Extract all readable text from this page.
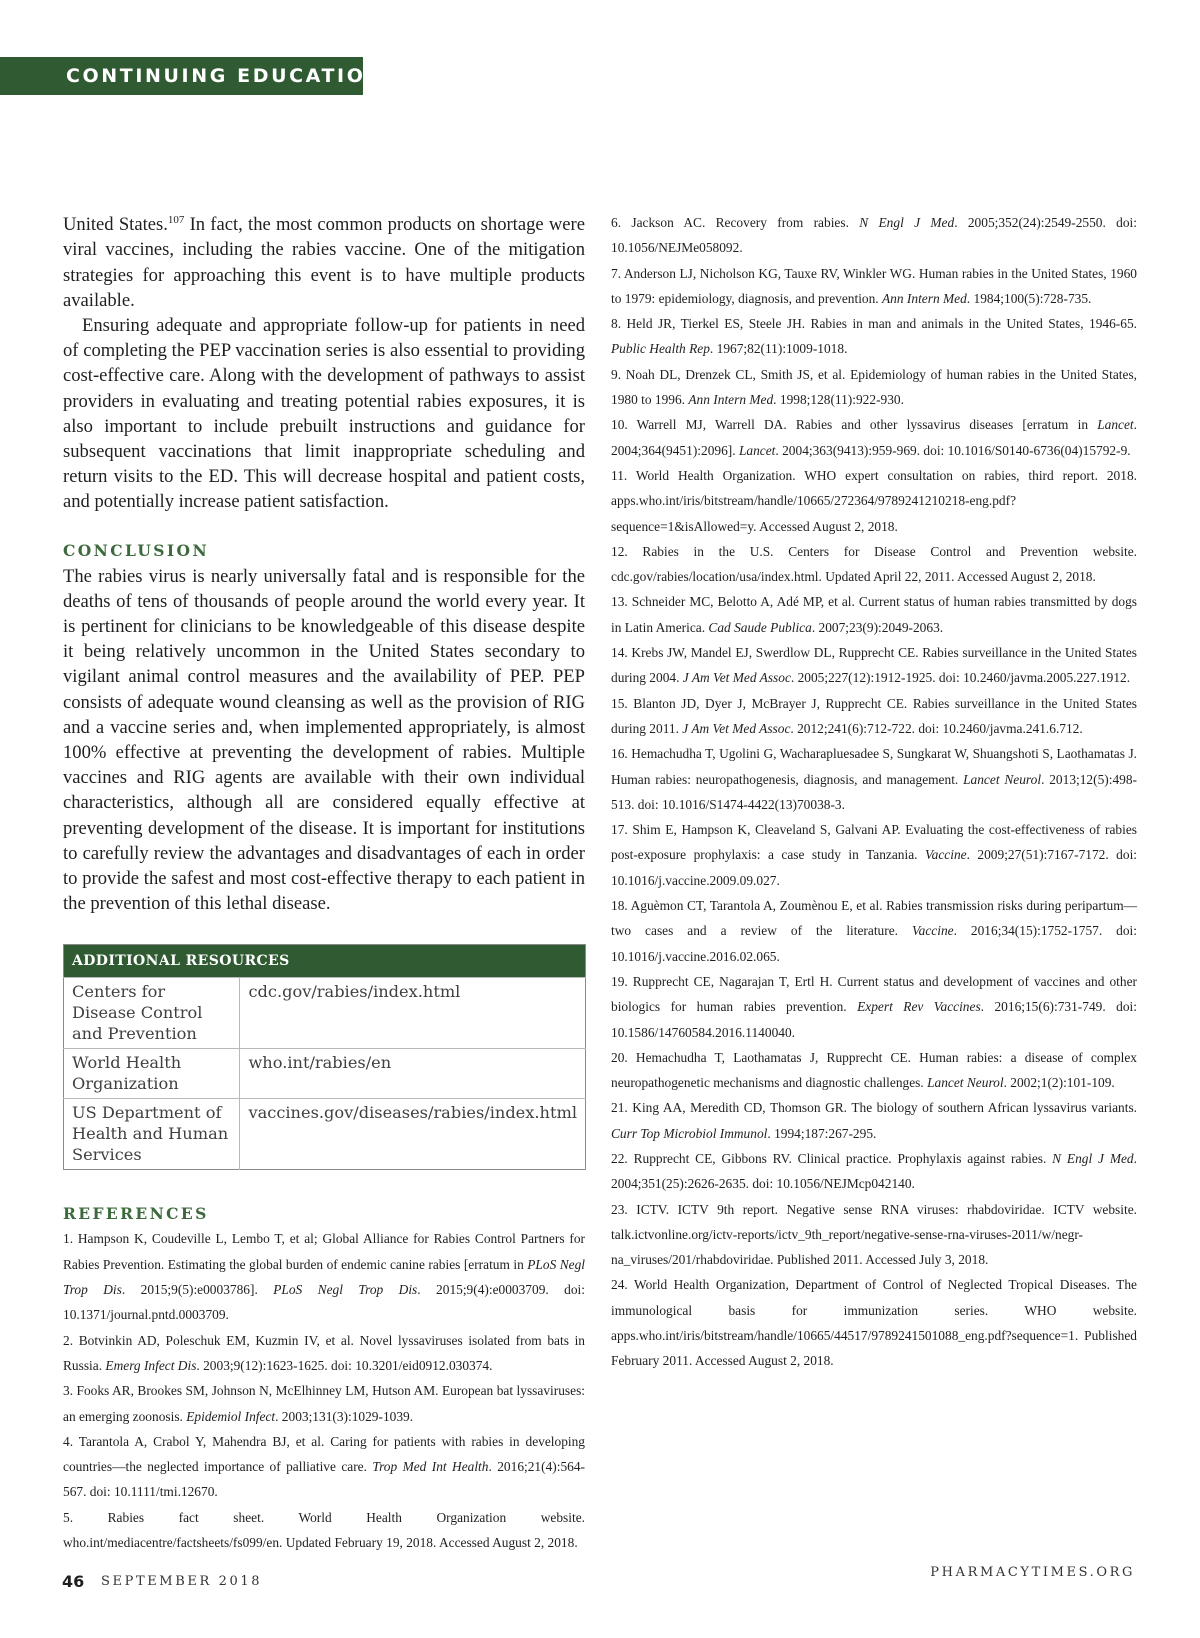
CONTINUING EDUCATION

United States.$^{107}$ In fact, the most common products on shortage were viral vaccines, including the rabies vaccine. One of the mitigation strategies for approaching this event is to have multiple products available.

Ensuring adequate and appropriate follow-up for patients in need of completing the PEP vaccination series is also essential to providing cost-effective care. Along with the development of pathways to assist providers in evaluating and treating potential rabies exposures, it is also important to include prebuilt instructions and guidance for subsequent vaccinations that limit inappropriate scheduling and return visits to the ED. This will decrease hospital and patient costs, and potentially increase patient satisfaction.

CONCLUSION

The rabies virus is nearly universally fatal and is responsible for the deaths of tens of thousands of people around the world every year. It is pertinent for clinicians to be knowledgeable of this disease despite it being relatively uncommon in the United States secondary to vigilant animal control measures and the availability of PEP. PEP consists of adequate wound cleansing as well as the provision of RIG and a vaccine series and, when implemented appropriately, is almost 100% effective at preventing the development of rabies. Multiple vaccines and RIG agents are available with their own individual characteristics, although all are considered equally effective at preventing development of the disease. It is important for institutions to carefully review the advantages and disadvantages of each in order to provide the safest and most cost-effective therapy to each patient in the prevention of this lethal disease.

ADDITIONAL RESOURCES	
Centers for Disease Control and Prevention	cdc.gov/rabies/index.html
World Health Organization	who.int/rabies/en
US Department of Health and Human Services	vaccines.gov/diseases/rabies/index.html
REFERENCES

1. Hampson K, Coudeville L, Lembo T, et al; Global Alliance for Rabies Control Partners for Rabies Prevention. Estimating the global burden of endemic canine rabies [erratum in PLoS Negl Trop Dis. 2015;9(5):e0003786]. PLoS Negl Trop Dis. 2015;9(4):e0003709. doi: 10.1371/journal.pntd.0003709.

2. Botvinkin AD, Poleschuk EM, Kuzmin IV, et al. Novel lyssaviruses isolated from bats in Russia. Emerg Infect Dis. 2003;9(12):1623-1625. doi: 10.3201/eid0912.030374.

3. Fooks AR, Brookes SM, Johnson N, McElhinney LM, Hutson AM. European bat lyssaviruses: an emerging zoonosis. Epidemiol Infect. 2003;131(3):1029-1039.

4. Tarantola A, Crabol Y, Mahendra BJ, et al. Caring for patients with rabies in developing countries—the neglected importance of palliative care. Trop Med Int Health. 2016;21(4):564-567. doi: 10.1111/tmi.12670.

5. Rabies fact sheet. World Health Organization website. who.int/mediacentre/factsheets/fs099/en. Updated February 19, 2018. Accessed August 2, 2018.

6. Jackson AC. Recovery from rabies. N Engl J Med. 2005;352(24):2549-2550. doi: 10.1056/NEJMe058092.

7. Anderson LJ, Nicholson KG, Tauxe RV, Winkler WG. Human rabies in the United States, 1960 to 1979: epidemiology, diagnosis, and prevention. Ann Intern Med. 1984;100(5):728-735.

8. Held JR, Tierkel ES, Steele JH. Rabies in man and animals in the United States, 1946-65. Public Health Rep. 1967;82(11):1009-1018.

9. Noah DL, Drenzek CL, Smith JS, et al. Epidemiology of human rabies in the United States, 1980 to 1996. Ann Intern Med. 1998;128(11):922-930.

10. Warrell MJ, Warrell DA. Rabies and other lyssavirus diseases [erratum in Lancet. 2004;364(9451):2096]. Lancet. 2004;363(9413):959-969. doi: 10.1016/S0140-6736(04)15792-9.

11. World Health Organization. WHO expert consultation on rabies, third report. 2018. apps.who.int/iris/bitstream/handle/10665/272364/9789241210218-eng.pdf?sequence=1&isAllowed=y. Accessed August 2, 2018.

12. Rabies in the U.S. Centers for Disease Control and Prevention website. cdc.gov/rabies/location/usa/index.html. Updated April 22, 2011. Accessed August 2, 2018.

13. Schneider MC, Belotto A, Adé MP, et al. Current status of human rabies transmitted by dogs in Latin America. Cad Saude Publica. 2007;23(9):2049-2063.

14. Krebs JW, Mandel EJ, Swerdlow DL, Rupprecht CE. Rabies surveillance in the United States during 2004. J Am Vet Med Assoc. 2005;227(12):1912-1925. doi: 10.2460/javma.2005.227.1912.

15. Blanton JD, Dyer J, McBrayer J, Rupprecht CE. Rabies surveillance in the United States during 2011. J Am Vet Med Assoc. 2012;241(6):712-722. doi: 10.2460/javma.241.6.712.

16. Hemachudha T, Ugolini G, Wacharapluesadee S, Sungkarat W, Shuangshoti S, Laothamatas J. Human rabies: neuropathogenesis, diagnosis, and management. Lancet Neurol. 2013;12(5):498-513. doi: 10.1016/S1474-4422(13)70038-3.

17. Shim E, Hampson K, Cleaveland S, Galvani AP. Evaluating the cost-effectiveness of rabies post-exposure prophylaxis: a case study in Tanzania. Vaccine. 2009;27(51):7167-7172. doi: 10.1016/j.vaccine.2009.09.027.

18. Aguèmon CT, Tarantola A, Zoumènou E, et al. Rabies transmission risks during peripartum—two cases and a review of the literature. Vaccine. 2016;34(15):1752-1757. doi: 10.1016/j.vaccine.2016.02.065.

19. Rupprecht CE, Nagarajan T, Ertl H. Current status and development of vaccines and other biologics for human rabies prevention. Expert Rev Vaccines. 2016;15(6):731-749. doi: 10.1586/14760584.2016.1140040.

20. Hemachudha T, Laothamatas J, Rupprecht CE. Human rabies: a disease of complex neuropathogenetic mechanisms and diagnostic challenges. Lancet Neurol. 2002;1(2):101-109.

21. King AA, Meredith CD, Thomson GR. The biology of southern African lyssavirus variants. Curr Top Microbiol Immunol. 1994;187:267-295.

22. Rupprecht CE, Gibbons RV. Clinical practice. Prophylaxis against rabies. N Engl J Med. 2004;351(25):2626-2635. doi: 10.1056/NEJMcp042140.

23. ICTV. ICTV 9th report. Negative sense RNA viruses: rhabdoviridae. ICTV website. talk.ictvonline.org/ictv-reports/ictv_9th_report/negative-sense-rna-viruses-2011/w/negr-na_viruses/201/rhabdoviridae. Published 2011. Accessed July 3, 2018.

24. World Health Organization, Department of Control of Neglected Tropical Diseases. The immunological basis for immunization series. WHO website. apps.who.int/iris/bitstream/handle/10665/44517/9789241501088_eng.pdf?sequence=1. Published February 2011. Accessed August 2, 2018.

46 SEPTEMBER 2018
PHARMACYTIMES.ORG
